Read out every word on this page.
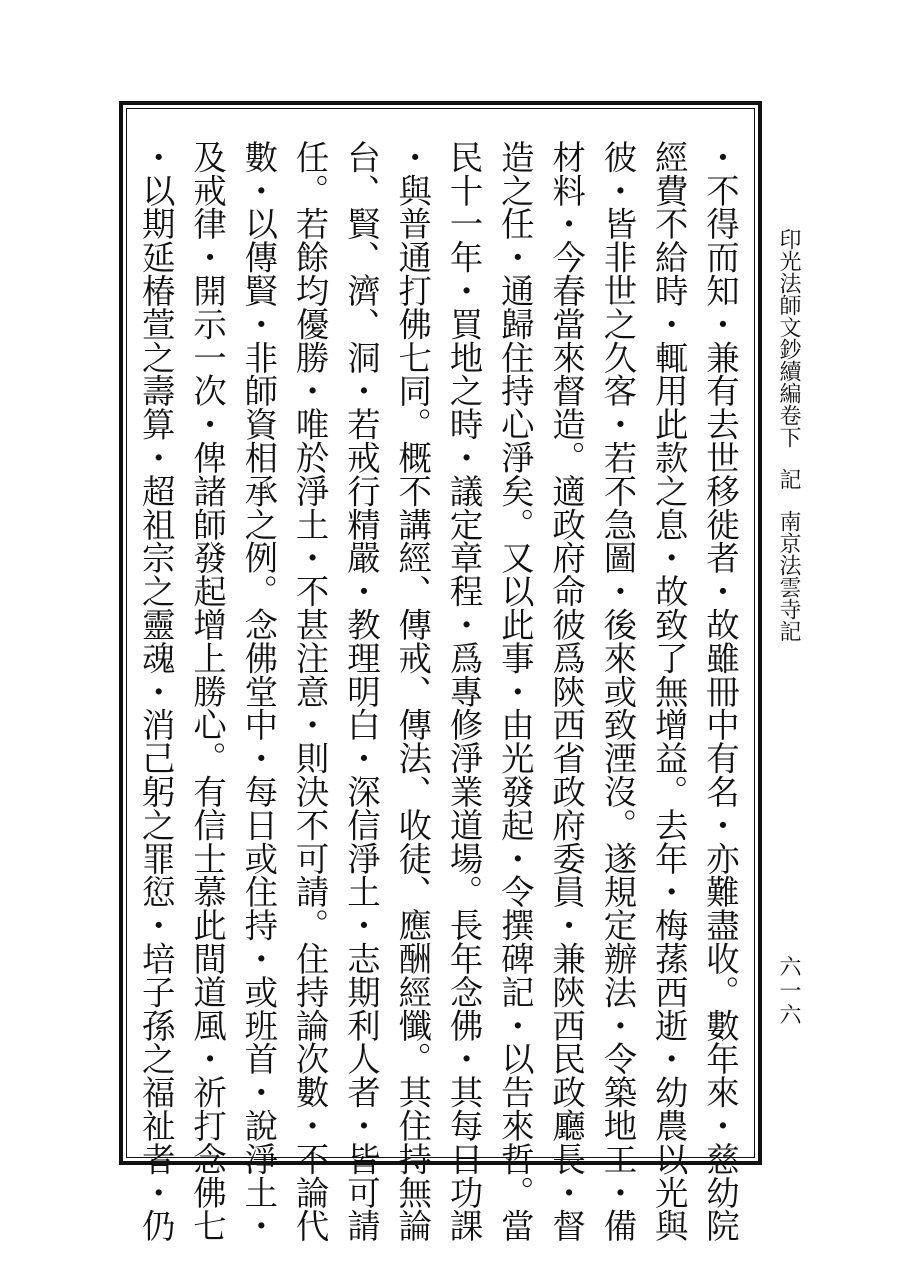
・不得而知・兼有去世移徙者・故雖冊中有名・亦難盡收。數年來・慈幼院
經費不給時・輒用此款之息・故致了無增益。去年・梅蓀西逝・幼農以光與
彼・皆非世之久客・若不急圖・後來或致湮沒。遂規定辦法・令築地工・備
材料・今春當來督造。適政府命彼爲陝西省政府委員・兼陝西民政廳長・督
造之任・通歸住持心淨矣。又以此事・由光發起・令撰碑記・以告來哲。當
民十一年・買地之時・議定章程・爲專修淨業道場。長年念佛・其每日功課
・與普通打佛七同。概不講經、傳戒、傳法、收徒、應酬經懺。其住持無論
台、賢、濟、洞・若戒行精嚴・教理明白・深信淨土・志期利人者・皆可請
任。若餘均優勝・唯於淨土・不甚注意・則決不可請。住持論次數・不論代
數・以傳賢・非師資相承之例。念佛堂中・每日或住持・或班首・說淨土・
及戒律・開示一次・俾諸師發起增上勝心。有信士慕此間道風・祈打念佛七
・以期延椿萱之壽算・超祖宗之靈魂・消己躬之罪愆・培子孫之福祉者・仍	印光法師文鈔續編卷下記南京法雲寺記
六一六
